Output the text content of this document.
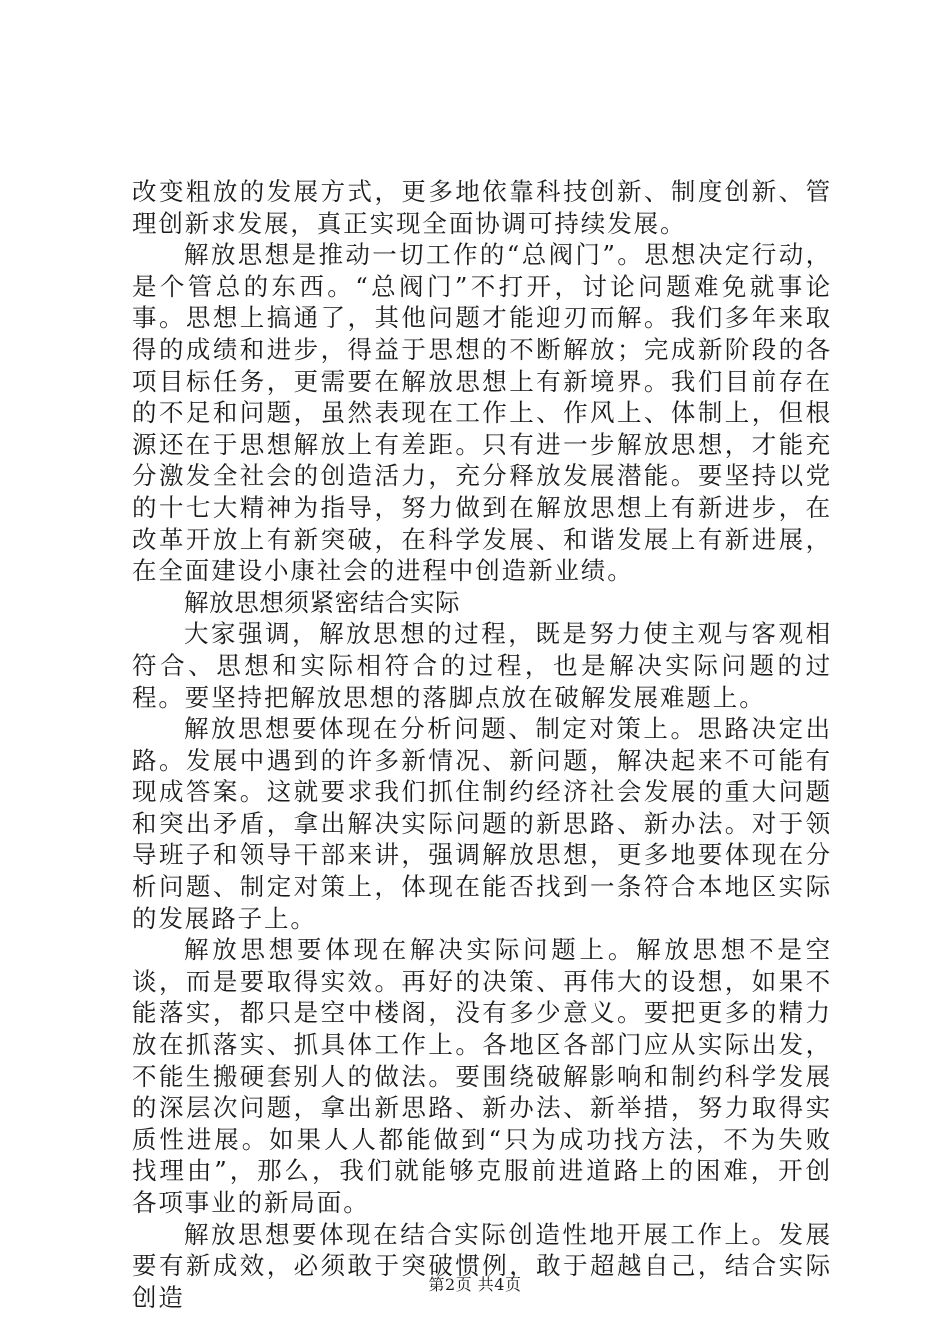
改变粗放的发展方式，更多地依靠科技创新、制度创新、管理创新求发展，真正实现全面协调可持续发展。

解放思想是推动一切工作的“总阀门”。思想决定行动，是个管总的东西。“总阀门”不打开，讨论问题难免就事论事。思想上搞通了，其他问题才能迎刃而解。我们多年来取得的成绩和进步，得益于思想的不断解放；完成新阶段的各项目标任务，更需要在解放思想上有新境界。我们目前存在的不足和问题，虽然表现在工作上、作风上、体制上，但根源还在于思想解放上有差距。只有进一步解放思想，才能充分激发全社会的创造活力，充分释放发展潜能。要坚持以党的十七大精神为指导，努力做到在解放思想上有新进步，在改革开放上有新突破，在科学发展、和谐发展上有新进展，在全面建设小康社会的进程中创造新业绩。

解放思想须紧密结合实际

大家强调，解放思想的过程，既是努力使主观与客观相符合、思想和实际相符合的过程，也是解决实际问题的过程。要坚持把解放思想的落脚点放在破解发展难题上。

解放思想要体现在分析问题、制定对策上。思路决定出路。发展中遇到的许多新情况、新问题，解决起来不可能有现成答案。这就要求我们抓住制约经济社会发展的重大问题和突出矛盾，拿出解决实际问题的新思路、新办法。对于领导班子和领导干部来讲，强调解放思想，更多地要体现在分析问题、制定对策上，体现在能否找到一条符合本地区实际的发展路子上。

解放思想要体现在解决实际问题上。解放思想不是空谈，而是要取得实效。再好的决策、再伟大的设想，如果不能落实，都只是空中楼阁，没有多少意义。要把更多的精力放在抓落实、抓具体工作上。各地区各部门应从实际出发，不能生搬硬套别人的做法。要围绕破解影响和制约科学发展的深层次问题，拿出新思路、新办法、新举措，努力取得实质性进展。如果人人都能做到“只为成功找方法，不为失败找理由”，那么，我们就能够克服前进道路上的困难，开创各项事业的新局面。

解放思想要体现在结合实际创造性地开展工作上。发展要有新成效，必须敢于突破惯例，敢于超越自己，结合实际创造	第2页 共4页
